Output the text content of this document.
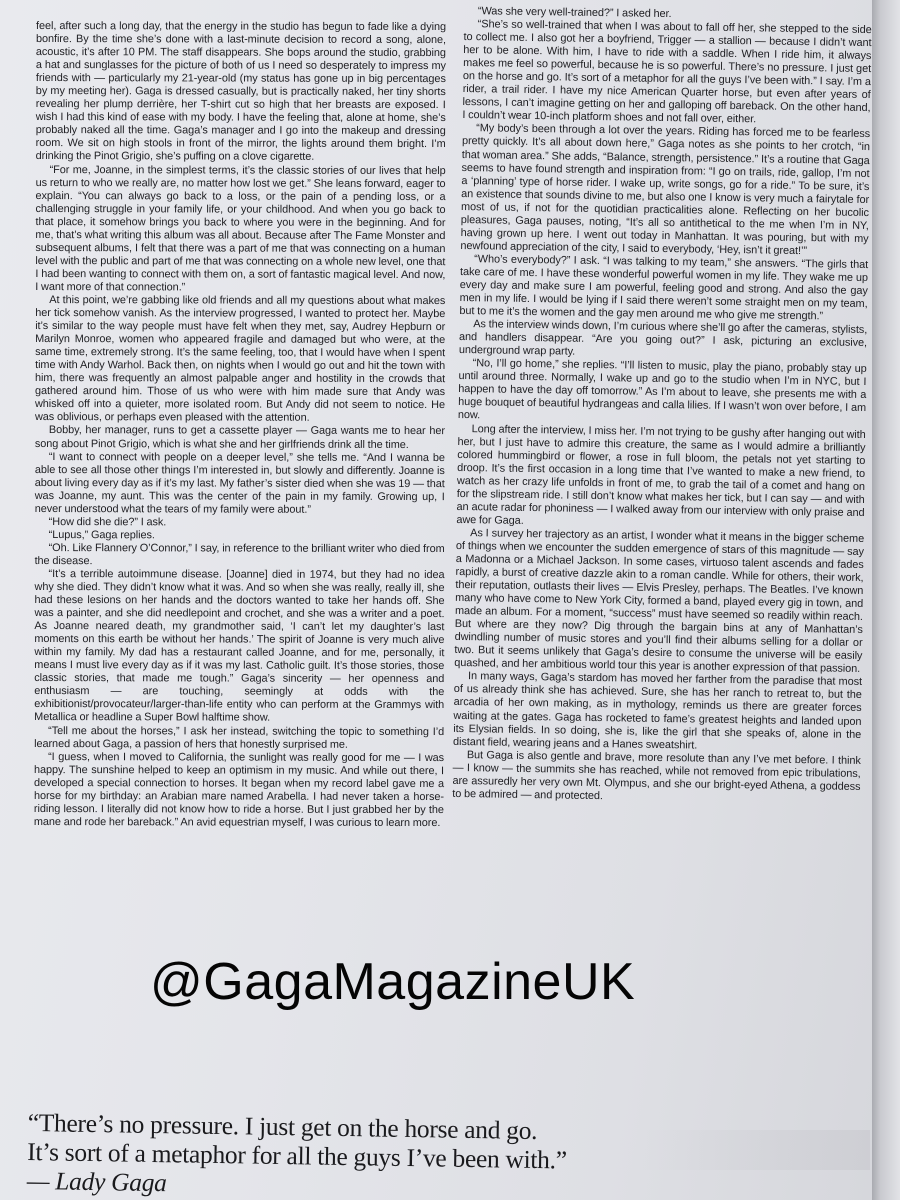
feel, after such a long day, that the energy in the studio has begun to fade like a dying bonfire. By the time she’s done with a last-minute decision to record a song, alone, acoustic, it’s after 10 PM. The staff disappears. She bops around the studio, grabbing a hat and sunglasses for the picture of both of us I need so desperately to impress my friends with — particularly my 21-year-old (my status has gone up in big percentages by my meeting her). Gaga is dressed casually, but is practically naked, her tiny shorts revealing her plump derrière, her T-shirt cut so high that her breasts are exposed. I wish I had this kind of ease with my body. I have the feeling that, alone at home, she’s probably naked all the time. Gaga’s manager and I go into the makeup and dressing room. We sit on high stools in front of the mirror, the lights around them bright. I’m drinking the Pinot Grigio, she’s puffing on a clove cigarette.

“For me, Joanne, in the simplest terms, it’s the classic stories of our lives that help us return to who we really are, no matter how lost we get.” She leans forward, eager to explain. “You can always go back to a loss, or the pain of a pending loss, or a challenging struggle in your family life, or your childhood. And when you go back to that place, it somehow brings you back to where you were in the beginning. And for me, that’s what writing this album was all about. Because after The Fame Monster and subsequent albums, I felt that there was a part of me that was connecting on a human level with the public and part of me that was connecting on a whole new level, one that I had been wanting to connect with them on, a sort of fantastic magical level. And now, I want more of that connection.”

At this point, we’re gabbing like old friends and all my questions about what makes her tick somehow vanish. As the interview progressed, I wanted to protect her. Maybe it’s similar to the way people must have felt when they met, say, Audrey Hepburn or Marilyn Monroe, women who appeared fragile and damaged but who were, at the same time, extremely strong. It’s the same feeling, too, that I would have when I spent time with Andy Warhol. Back then, on nights when I would go out and hit the town with him, there was frequently an almost palpable anger and hostility in the crowds that gathered around him. Those of us who were with him made sure that Andy was whisked off into a quieter, more isolated room. But Andy did not seem to notice. He was oblivious, or perhaps even pleased with the attention.

Bobby, her manager, runs to get a cassette player — Gaga wants me to hear her song about Pinot Grigio, which is what she and her girlfriends drink all the time.

“I want to connect with people on a deeper level,” she tells me. “And I wanna be able to see all those other things I’m interested in, but slowly and differently. Joanne is about living every day as if it’s my last. My father’s sister died when she was 19 — that was Joanne, my aunt. This was the center of the pain in my family. Growing up, I never understood what the tears of my family were about.”

“How did she die?” I ask.

“Lupus,” Gaga replies.

“Oh. Like Flannery O’Connor,” I say, in reference to the brilliant writer who died from the disease.

“It’s a terrible autoimmune disease. [Joanne] died in 1974, but they had no idea why she died. They didn’t know what it was. And so when she was really, really ill, she had these lesions on her hands and the doctors wanted to take her hands off. She was a painter, and she did needlepoint and crochet, and she was a writer and a poet. As Joanne neared death, my grandmother said, ‘I can’t let my daughter’s last moments on this earth be without her hands.’ The spirit of Joanne is very much alive within my family. My dad has a restaurant called Joanne, and for me, personally, it means I must live every day as if it was my last. Catholic guilt. It’s those stories, those classic stories, that made me tough.” Gaga’s sincerity — her openness and enthusiasm — are touching, seemingly at odds with the exhibitionist/provocateur/larger-than-life entity who can perform at the Grammys with Metallica or headline a Super Bowl halftime show.

“Tell me about the horses,” I ask her instead, switching the topic to something I’d learned about Gaga, a passion of hers that honestly surprised me.

“I guess, when I moved to California, the sunlight was really good for me — I was happy. The sunshine helped to keep an optimism in my music. And while out there, I developed a special connection to horses. It began when my record label gave me a horse for my birthday: an Arabian mare named Arabella. I had never taken a horse-riding lesson. I literally did not know how to ride a horse. But I just grabbed her by the mane and rode her bareback.” An avid equestrian myself, I was curious to learn more.

“Was she very well-trained?” I asked her.

“She’s so well-trained that when I was about to fall off her, she stepped to the side to collect me. I also got her a boyfriend, Trigger — a stallion — because I didn’t want her to be alone. With him, I have to ride with a saddle. When I ride him, it always makes me feel so powerful, because he is so powerful. There’s no pressure. I just get on the horse and go. It’s sort of a metaphor for all the guys I’ve been with.” I say. I’m a rider, a trail rider. I have my nice American Quarter horse, but even after years of lessons, I can’t imagine getting on her and galloping off bareback. On the other hand, I couldn’t wear 10-inch platform shoes and not fall over, either.

“My body’s been through a lot over the years. Riding has forced me to be fearless pretty quickly. It’s all about down here,” Gaga notes as she points to her crotch, “in that woman area.” She adds, “Balance, strength, persistence.” It’s a routine that Gaga seems to have found strength and inspiration from: “I go on trails, ride, gallop, I’m not a ‘planning’ type of horse rider. I wake up, write songs, go for a ride.” To be sure, it’s an existence that sounds divine to me, but also one I know is very much a fairytale for most of us, if not for the quotidian practicalities alone. Reflecting on her bucolic pleasures, Gaga pauses, noting, “It’s all so antithetical to the me when I’m in NY, having grown up here. I went out today in Manhattan. It was pouring, but with my newfound appreciation of the city, I said to everybody, ‘Hey, isn’t it great!’”

“Who’s everybody?” I ask. “I was talking to my team,” she answers. “The girls that take care of me. I have these wonderful powerful women in my life. They wake me up every day and make sure I am powerful, feeling good and strong. And also the gay men in my life. I would be lying if I said there weren’t some straight men on my team, but to me it’s the women and the gay men around me who give me strength.”

As the interview winds down, I’m curious where she’ll go after the cameras, stylists, and handlers disappear. “Are you going out?” I ask, picturing an exclusive, underground wrap party.

“No, I’ll go home,” she replies. “I’ll listen to music, play the piano, probably stay up until around three. Normally, I wake up and go to the studio when I’m in NYC, but I happen to have the day off tomorrow.” As I’m about to leave, she presents me with a huge bouquet of beautiful hydrangeas and calla lilies. If I wasn’t won over before, I am now.

Long after the interview, I miss her. I’m not trying to be gushy after hanging out with her, but I just have to admire this creature, the same as I would admire a brilliantly colored hummingbird or flower, a rose in full bloom, the petals not yet starting to droop. It’s the first occasion in a long time that I’ve wanted to make a new friend, to watch as her crazy life unfolds in front of me, to grab the tail of a comet and hang on for the slipstream ride. I still don’t know what makes her tick, but I can say — and with an acute radar for phoniness — I walked away from our interview with only praise and awe for Gaga.

As I survey her trajectory as an artist, I wonder what it means in the bigger scheme of things when we encounter the sudden emergence of stars of this magnitude — say a Madonna or a Michael Jackson. In some cases, virtuoso talent ascends and fades rapidly, a burst of creative dazzle akin to a roman candle. While for others, their work, their reputation, outlasts their lives — Elvis Presley, perhaps. The Beatles. I’ve known many who have come to New York City, formed a band, played every gig in town, and made an album. For a moment, “success” must have seemed so readily within reach. But where are they now? Dig through the bargain bins at any of Manhattan’s dwindling number of music stores and you’ll find their albums selling for a dollar or two. But it seems unlikely that Gaga’s desire to consume the universe will be easily quashed, and her ambitious world tour this year is another expression of that passion.

In many ways, Gaga’s stardom has moved her farther from the paradise that most of us already think she has achieved. Sure, she has her ranch to retreat to, but the arcadia of her own making, as in mythology, reminds us there are greater forces waiting at the gates. Gaga has rocketed to fame’s greatest heights and landed upon its Elysian fields. In so doing, she is, like the girl that she speaks of, alone in the distant field, wearing jeans and a Hanes sweatshirt.

But Gaga is also gentle and brave, more resolute than any I’ve met before. I think — I know — the summits she has reached, while not removed from epic tribulations, are assuredly her very own Mt. Olympus, and she our bright-eyed Athena, a goddess to be admired — and protected.

@GagaMagazineUK
“There’s no pressure. I just get on the horse and go.
It’s sort of a metaphor for all the guys I’ve been with.”
— Lady Gaga
